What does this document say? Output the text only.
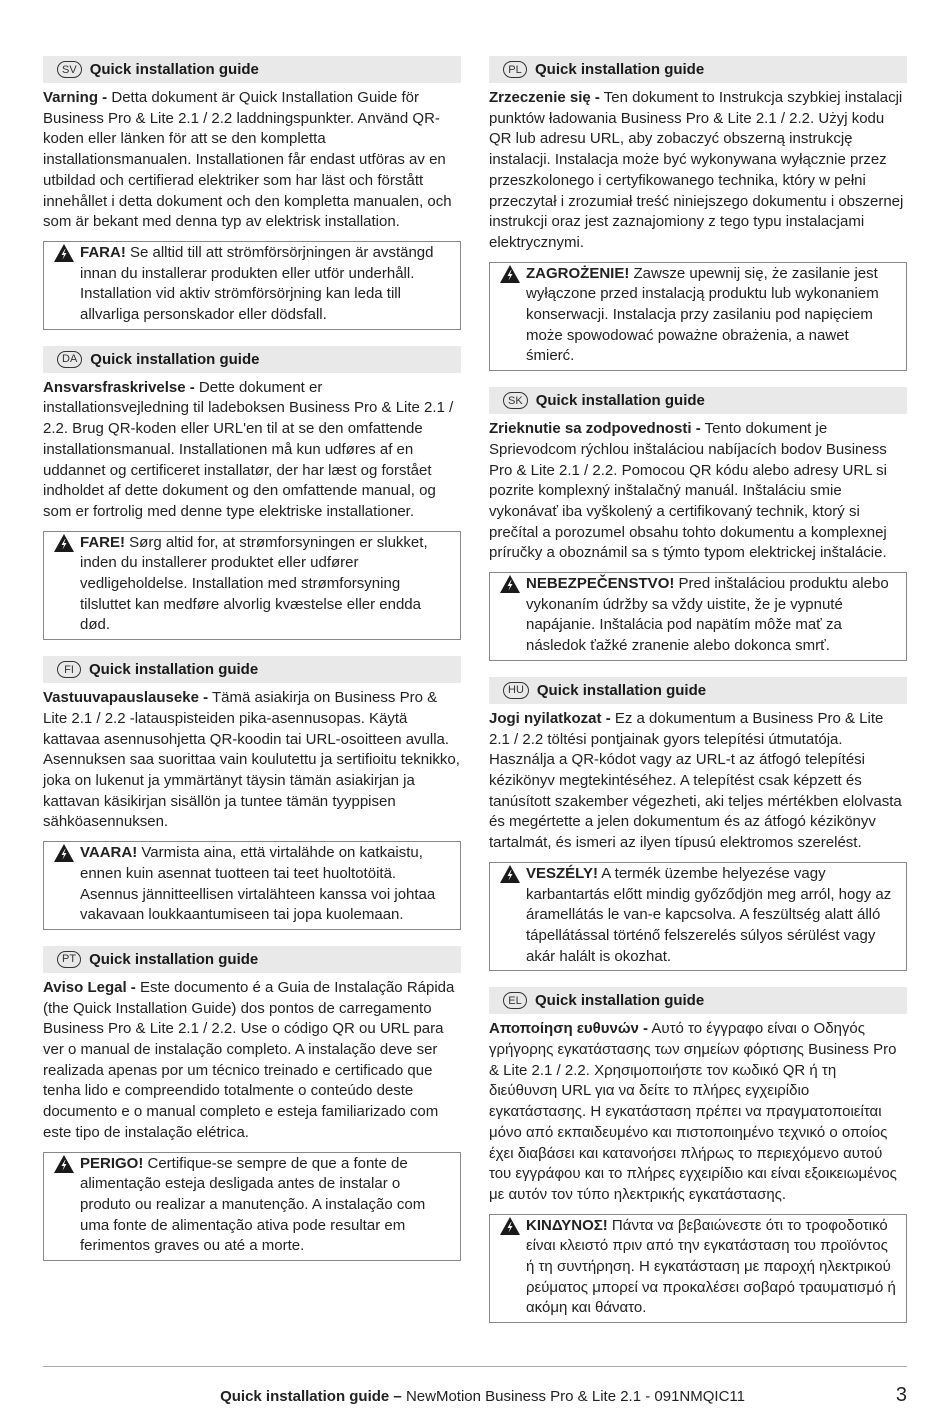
SV Quick installation guide

Varning - Detta dokument är Quick Installation Guide för Business Pro & Lite 2.1 / 2.2 laddningspunkter. Använd QR-koden eller länken för att se den kompletta installationsmanualen. Installationen får endast utföras av en utbildad och certifierad elektriker som har läst och förstått innehållet i detta dokument och den kompletta manualen, och som är bekant med denna typ av elektrisk installation.

FARA! Se alltid till att strömförsörjningen är avstängd innan du installerar produkten eller utför underhåll. Installation vid aktiv strömförsörjning kan leda till allvarliga personskador eller dödsfall.
DA Quick installation guide

Ansvarsfraskrivelse - Dette dokument er installationsvejledning til ladeboksen Business Pro & Lite 2.1 / 2.2. Brug QR-koden eller URL'en til at se den omfattende installationsmanual. Installationen må kun udføres af en uddannet og certificeret installatør, der har læst og forstået indholdet af dette dokument og den omfattende manual, og som er fortrolig med denne type elektriske installationer.

FARE! Sørg altid for, at strømforsyningen er slukket, inden du installerer produktet eller udfører vedligeholdelse. Installation med strømforsyning tilsluttet kan medføre alvorlig kvæstelse eller endda død.
FI	Quick installation guide

Vastuuvapauslauseke - Tämä asiakirja on Business Pro & Lite 2.1 / 2.2 -latauspisteiden pika-asennusopas. Käytä kattavaa asennusohjetta QR-koodin tai URL-osoitteen avulla. Asennuksen saa suorittaa vain koulutettu ja sertifioitu teknikko, joka on lukenut ja ymmärtänyt täysin tämän asiakirjan ja kattavan käsikirjan sisällön ja tuntee tämän tyyppisen sähköasennuksen.

VAARA! Varmista aina, että virtalähde on katkaistu, ennen kuin asennat tuotteen tai teet huoltotöitä. Asennus jännitteellisen virtalähteen kanssa voi johtaa vakavaan loukkaantumiseen tai jopa kuolemaan.
PT Quick installation guide

Aviso Legal - Este documento é a Guia de Instalação Rápida (the Quick Installation Guide) dos pontos de carregamento Business Pro & Lite 2.1 / 2.2. Use o código QR ou URL para ver o manual de instalação completo. A instalação deve ser realizada apenas por um técnico treinado e certificado que tenha lido e compreendido totalmente o conteúdo deste documento e o manual completo e esteja familiarizado com este tipo de instalação elétrica.

PERIGO! Certifique-se sempre de que a fonte de alimentação esteja desligada antes de instalar o produto ou realizar a manutenção. A instalação com uma fonte de alimentação ativa pode resultar em ferimentos graves ou até a morte.
PL Quick installation guide

Zrzeczenie się - Ten dokument to Instrukcja szybkiej instalacji punktów ładowania Business Pro & Lite 2.1 / 2.2. Użyj kodu QR lub adresu URL, aby zobaczyć obszerną instrukcję instalacji. Instalacja może być wykonywana wyłącznie przez przeszkolonego i certyfikowanego technika, który w pełni przeczytał i zrozumiał treść niniejszego dokumentu i obszernej instrukcji oraz jest zaznajomiony z tego typu instalacjami elektrycznymi.

ZAGROŻENIE! Zawsze upewnij się, że zasilanie jest wyłączone przed instalacją produktu lub wykonaniem konserwacji. Instalacja przy zasilaniu pod napięciem może spowodować poważne obrażenia, a nawet śmierć.
SK Quick installation guide

Zrieknutie sa zodpovednosti - Tento dokument je Sprievodcom rýchlou inštaláciou nabíjacích bodov Business Pro & Lite 2.1 / 2.2. Pomocou QR kódu alebo adresy URL si pozrite komplexný inštalačný manuál. Inštaláciu smie vykonávať iba vyškolený a certifikovaný technik, ktorý si prečítal a porozumel obsahu tohto dokumentu a komplexnej príručky a oboznámil sa s týmto typom elektrickej inštalácie.

NEBEZPEČENSTVO! Pred inštaláciou produktu alebo vykonaním údržby sa vždy uistite, že je vypnuté napájanie. Inštalácia pod napätím môže mať za následok ťažké zranenie alebo dokonca smrť.
HU Quick installation guide

Jogi nyilatkozat - Ez a dokumentum a Business Pro & Lite 2.1 / 2.2 töltési pontjainak gyors telepítési útmutatója. Használja a QR-kódot vagy az URL-t az átfogó telepítési kézikönyv megtekintéséhez. A telepítést csak képzett és tanúsított szakember végezheti, aki teljes mértékben elolvasta és megértette a jelen dokumentum és az átfogó kézikönyv tartalmát, és ismeri az ilyen típusú elektromos szerelést.

VESZÉLY! A termék üzembe helyezése vagy karbantartás előtt mindig győződjön meg arról, hogy az áramellátás le van-e kapcsolva. A feszültség alatt álló tápellátással történő felszerelés súlyos sérülést vagy akár halált is okozhat.
EL Quick installation guide

Αποποίηση ευθυνών - Αυτό το έγγραφο είναι ο Οδηγός γρήγορης εγκατάστασης των σημείων φόρτισης Business Pro & Lite 2.1 / 2.2. Χρησιμοποιήστε τον κωδικό QR ή τη διεύθυνση URL για να δείτε το πλήρες εγχειρίδιο εγκατάστασης. Η εγκατάσταση πρέπει να πραγματοποιείται μόνο από εκπαιδευμένο και πιστοποιημένο τεχνικό ο οποίος έχει διαβάσει και κατανοήσει πλήρως το περιεχόμενο αυτού του εγγράφου και το πλήρες εγχειρίδιο και είναι εξοικειωμένος με αυτόν τον τύπο ηλεκτρικής εγκατάστασης.

ΚΙΝΔΥΝΟΣ! Πάντα να βεβαιώνεστε ότι το τροφοδοτικό είναι κλειστό πριν από την εγκατάσταση του προϊόντος ή τη συντήρηση. Η εγκατάσταση με παροχή ηλεκτρικού ρεύματος μπορεί να προκαλέσει σοβαρό τραυματισμό ή ακόμη και θάνατο.
Quick installation guide – NewMotion Business Pro & Lite 2.1 - 091NMQIC11	3
